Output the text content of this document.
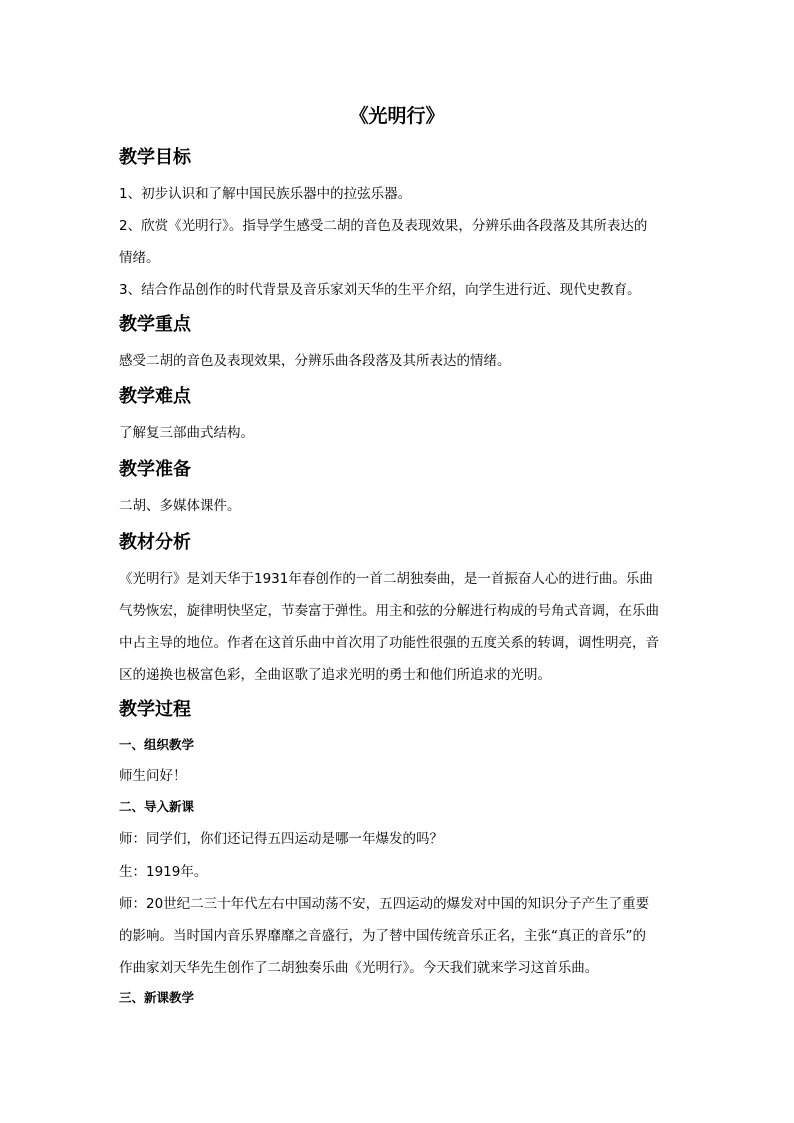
《光明行》
教学目标
1、初步认识和了解中国民族乐器中的拉弦乐器。
2、欣赏《光明行》。指导学生感受二胡的音色及表现效果，分辨乐曲各段落及其所表达的
情绪。
3、结合作品创作的时代背景及音乐家刘天华的生平介绍，向学生进行近、现代史教育。
教学重点
感受二胡的音色及表现效果，分辨乐曲各段落及其所表达的情绪。
教学难点
了解复三部曲式结构。
教学准备
二胡、多媒体课件。
教材分析
《光明行》是刘天华于1931年春创作的一首二胡独奏曲，是一首振奋人心的进行曲。乐曲
气势恢宏，旋律明快坚定，节奏富于弹性。用主和弦的分解进行构成的号角式音调，在乐曲
中占主导的地位。作者在这首乐曲中首次用了功能性很强的五度关系的转调，调性明亮，音
区的递换也极富色彩，全曲讴歌了追求光明的勇士和他们所追求的光明。
教学过程
一、组织教学
师生问好！
二、导入新课
师：同学们，你们还记得五四运动是哪一年爆发的吗？
生：1919年。
师：20世纪二三十年代左右中国动荡不安，五四运动的爆发对中国的知识分子产生了重要
的影响。当时国内音乐界靡靡之音盛行，为了替中国传统音乐正名，主张“真正的音乐”的
作曲家刘天华先生创作了二胡独奏乐曲《光明行》。今天我们就来学习这首乐曲。
三、新课教学
